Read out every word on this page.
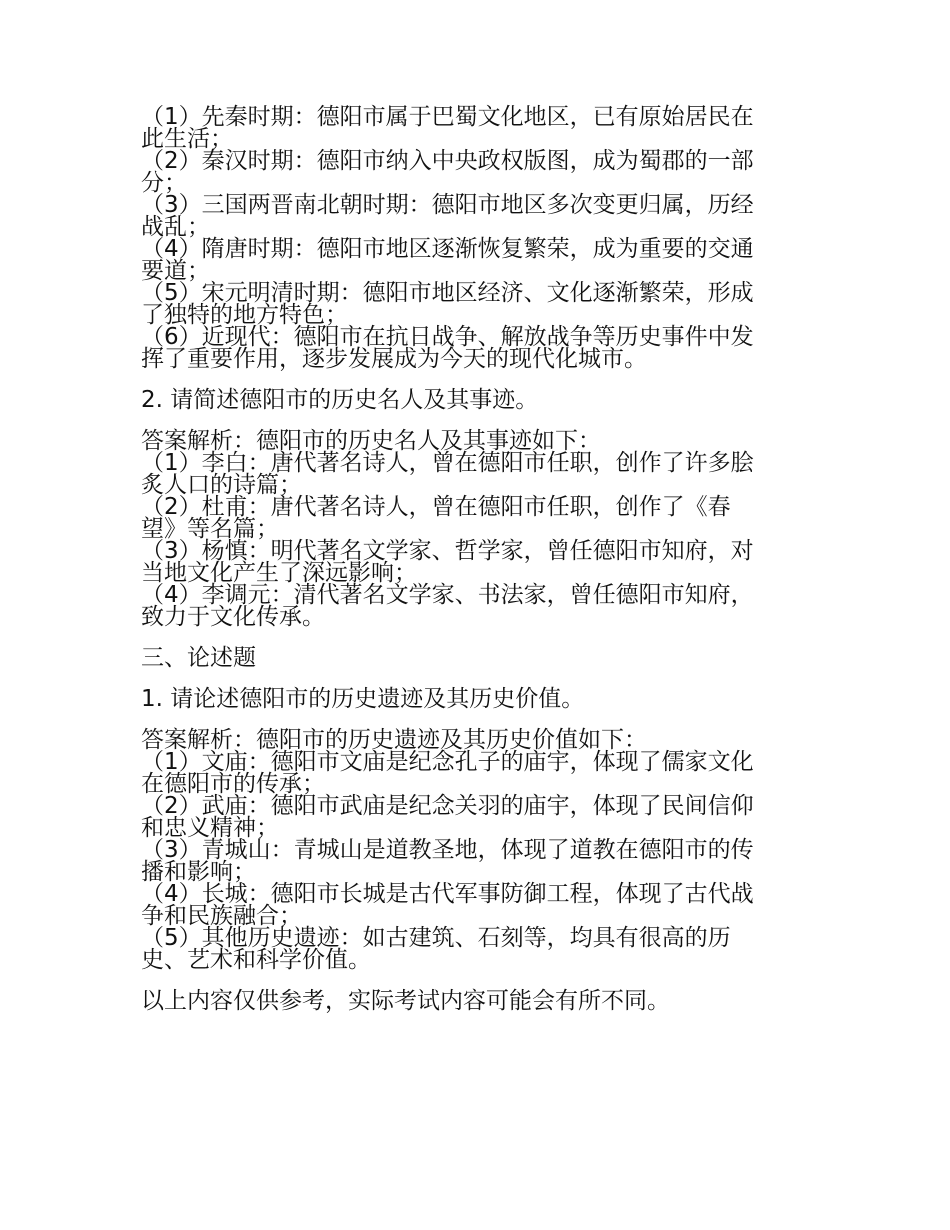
（1）先秦时期：德阳市属于巴蜀文化地区，已有原始居民在
此生活；
（2）秦汉时期：德阳市纳入中央政权版图，成为蜀郡的一部
分；
（3）三国两晋南北朝时期：德阳市地区多次变更归属，历经
战乱；
（4）隋唐时期：德阳市地区逐渐恢复繁荣，成为重要的交通
要道；
（5）宋元明清时期：德阳市地区经济、文化逐渐繁荣，形成
了独特的地方特色；
（6）近现代：德阳市在抗日战争、解放战争等历史事件中发
挥了重要作用，逐步发展成为今天的现代化城市。
2. 请简述德阳市的历史名人及其事迹。
答案解析：德阳市的历史名人及其事迹如下：
（1）李白：唐代著名诗人，曾在德阳市任职，创作了许多脍
炙人口的诗篇；
（2）杜甫：唐代著名诗人，曾在德阳市任职，创作了《春
望》等名篇；
（3）杨慎：明代著名文学家、哲学家，曾任德阳市知府，对
当地文化产生了深远影响；
（4）李调元：清代著名文学家、书法家，曾任德阳市知府，
致力于文化传承。
三、论述题
1. 请论述德阳市的历史遗迹及其历史价值。
答案解析：德阳市的历史遗迹及其历史价值如下：
（1）文庙：德阳市文庙是纪念孔子的庙宇，体现了儒家文化
在德阳市的传承；
（2）武庙：德阳市武庙是纪念关羽的庙宇，体现了民间信仰
和忠义精神；
（3）青城山：青城山是道教圣地，体现了道教在德阳市的传
播和影响；
（4）长城：德阳市长城是古代军事防御工程，体现了古代战
争和民族融合；
（5）其他历史遗迹：如古建筑、石刻等，均具有很高的历
史、艺术和科学价值。
以上内容仅供参考，实际考试内容可能会有所不同。
